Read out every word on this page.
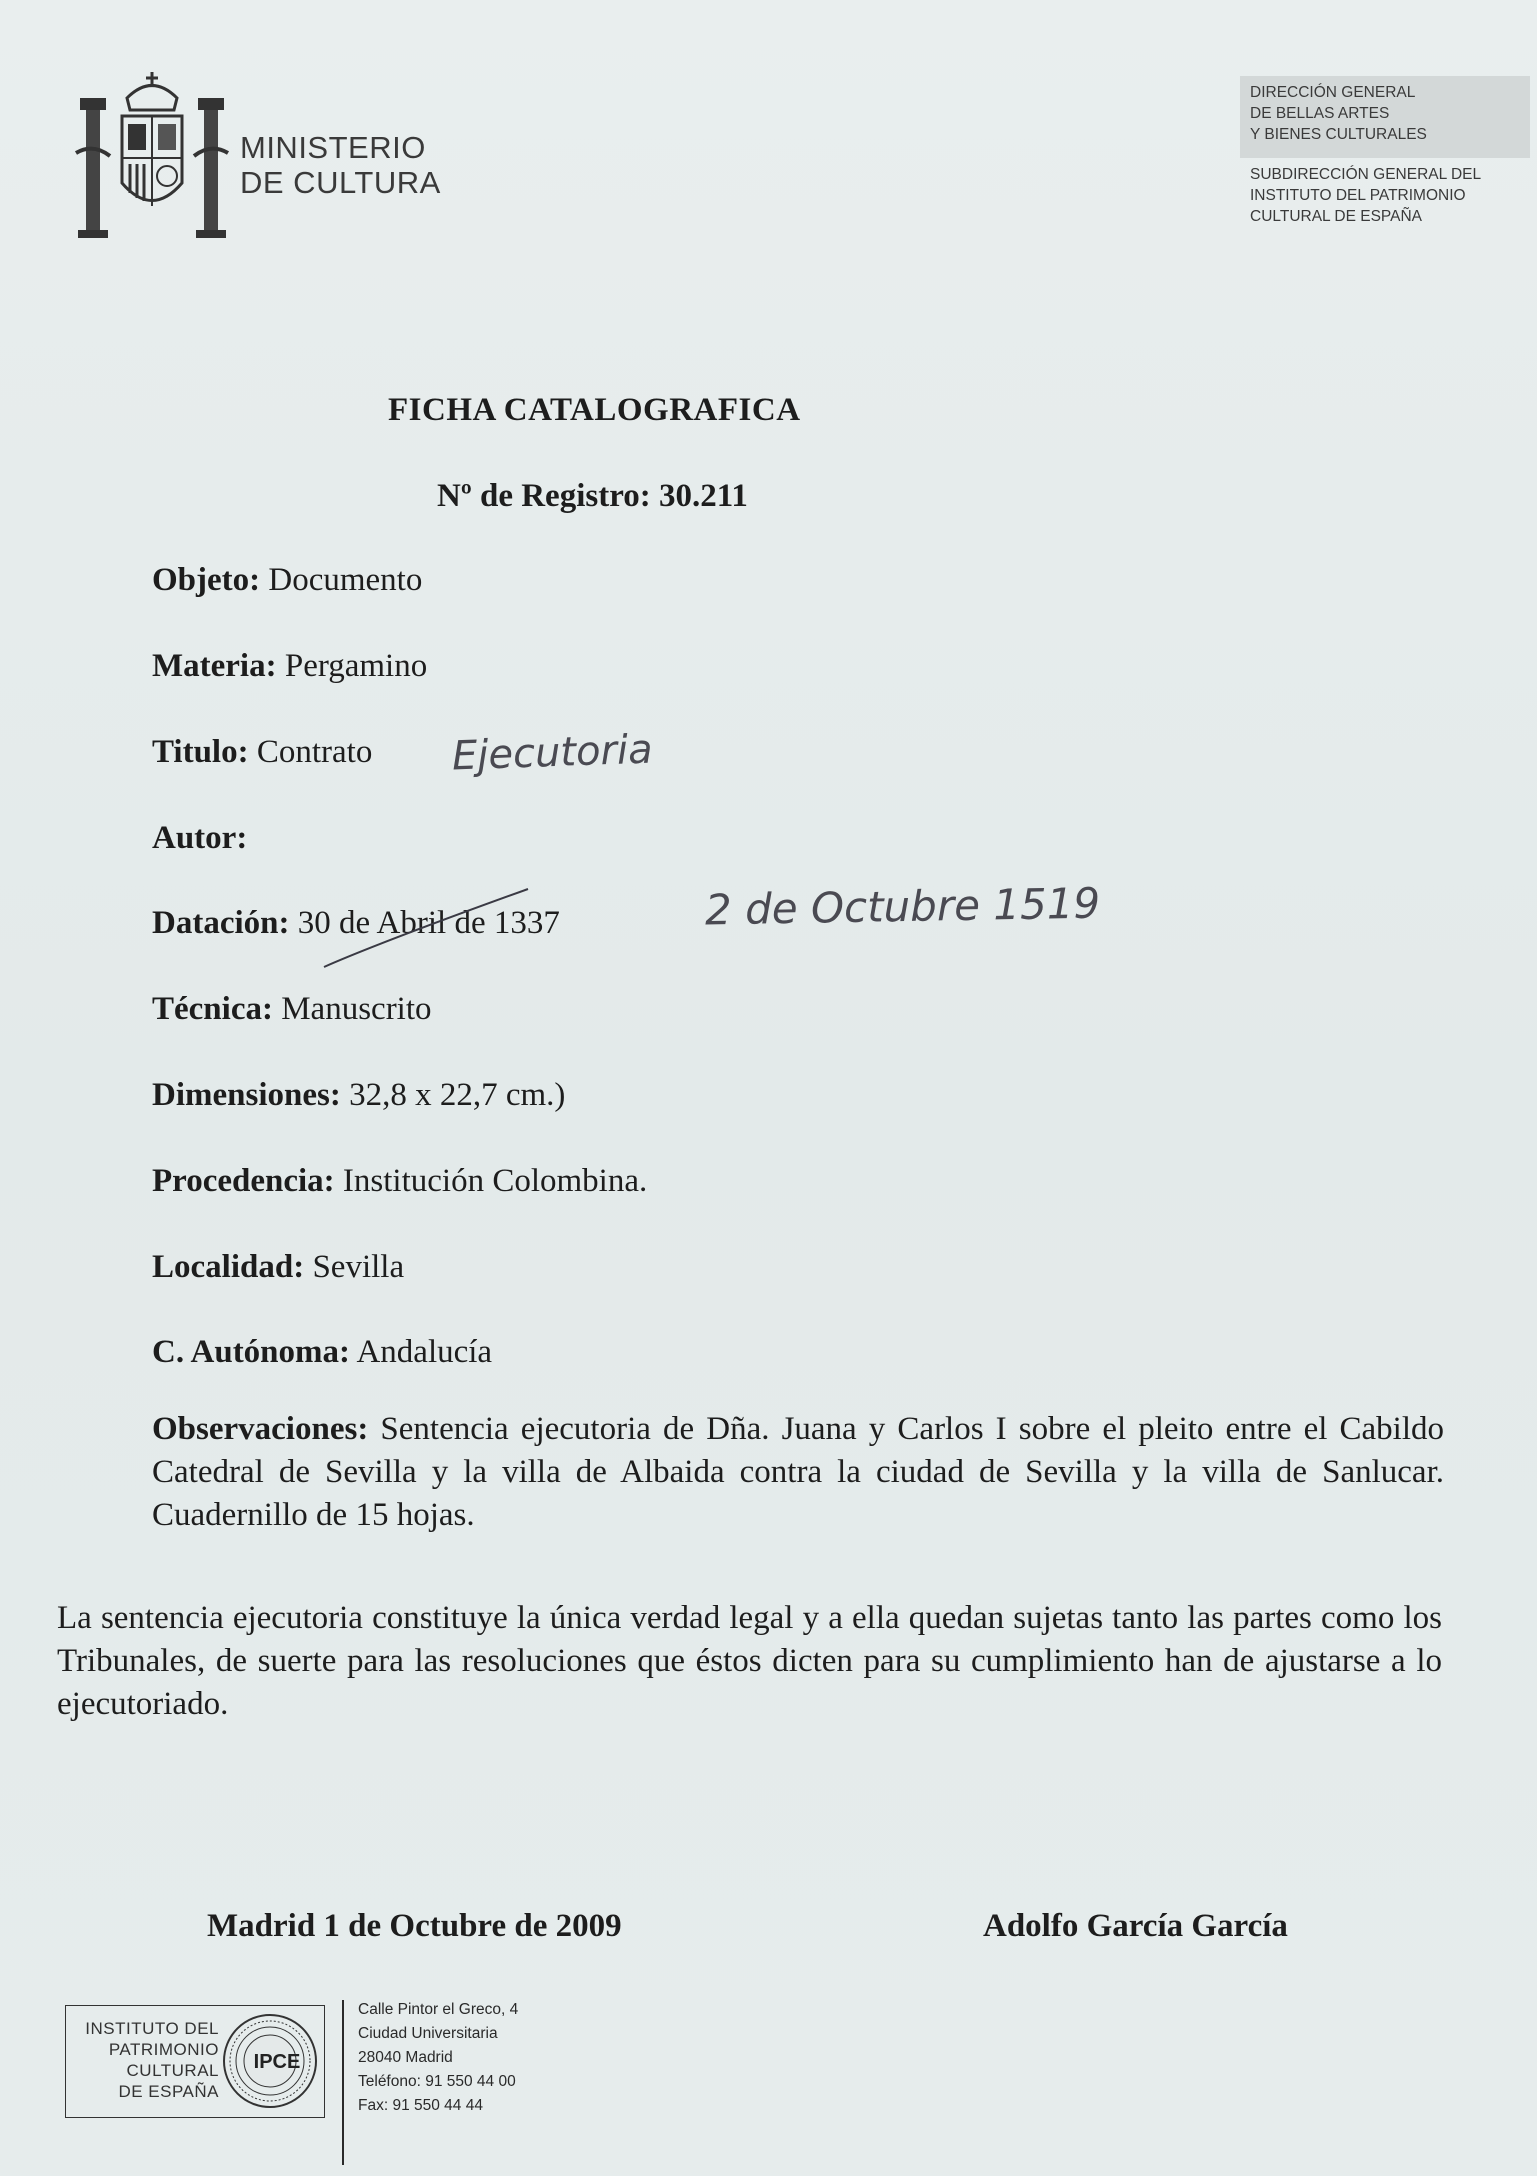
MINISTERIO
DE CULTURA
DIRECCIÓN GENERAL
DE BELLAS ARTES
Y BIENES CULTURALES
SUBDIRECCIÓN GENERAL DEL
INSTITUTO DEL PATRIMONIO
CULTURAL DE ESPAÑA
FICHA CATALOGRAFICA
Nº de Registro: 30.211
Objeto: Documento
Materia: Pergamino
Titulo: Contrato Ejecutoria
Autor:
Datación: 30 de Abril de 1337	2 de Octubre 1519
Técnica: Manuscrito
Dimensiones: 32,8 x 22,7 cm.)
Procedencia: Institución Colombina.
Localidad: Sevilla
C. Autónoma: Andalucía
Observaciones: Sentencia ejecutoria de Dña. Juana y Carlos I sobre el pleito entre el Cabildo Catedral de Sevilla y la villa de Albaida contra la ciudad de Sevilla y la villa de Sanlucar. Cuadernillo de 15 hojas.
La sentencia ejecutoria constituye la única verdad legal y a ella quedan sujetas tanto las partes como los Tribunales, de suerte para las resoluciones que éstos dicten para su cumplimiento han de ajustarse a lo ejecutoriado.
Madrid 1 de Octubre de 2009	Adolfo García García
INSTITUTO DEL
PATRIMONIO
CULTURAL
DE ESPAÑA
IPCE
Calle Pintor el Greco, 4
Ciudad Universitaria
28040 Madrid
Teléfono: 91 550 44 00
Fax: 91 550 44 44
